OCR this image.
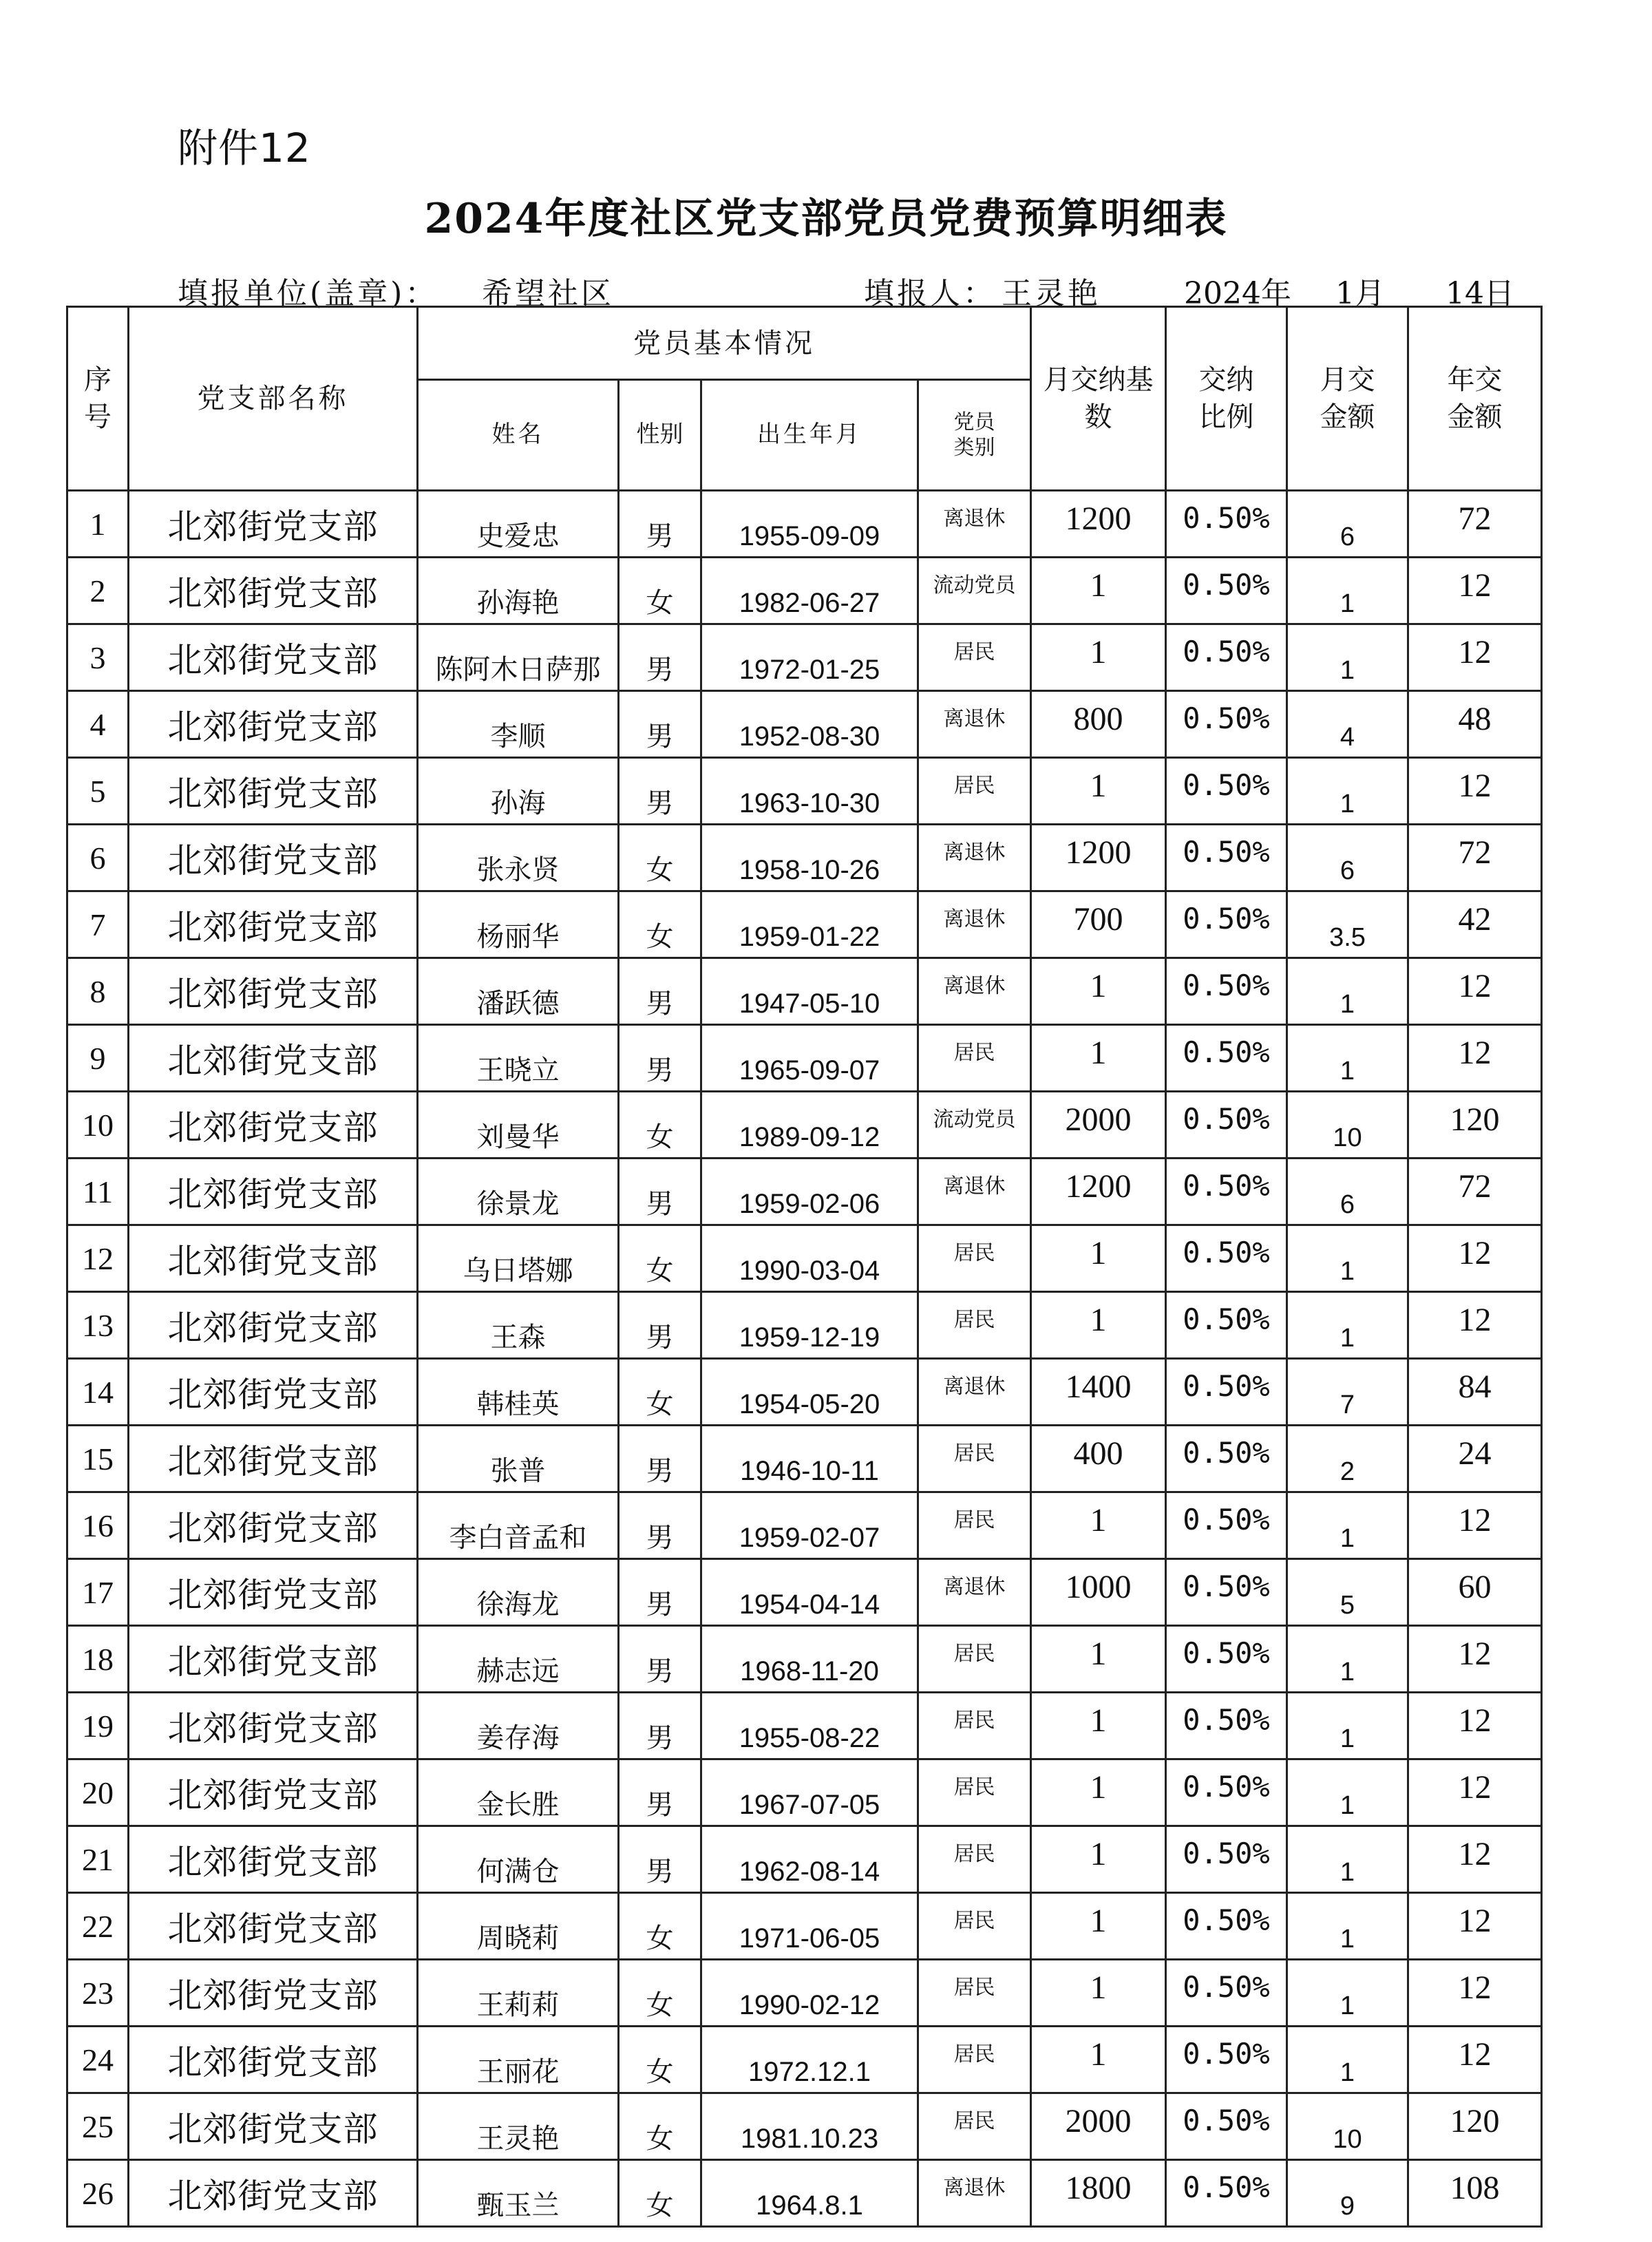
附件12
2024年度社区党支部党员党费预算明细表
填报单位(盖章)： 希望社区	填报人： 王灵艳	2024年 1月 14日
序号	党支部名称	党员基本情况				月交纳基数	交纳比例	月交金额	年交金额

		姓名	性别	出生年月	党员类别				

1	北郊街党支部	史爱忠	男	1955-09-09	离退休	1200	0.50%	6	72
2	北郊街党支部	孙海艳	女	1982-06-27	流动党员	1	0.50%	1	12
3	北郊街党支部	陈阿木日萨那	男	1972-01-25	居民	1	0.50%	1	12
4	北郊街党支部	李顺	男	1952-08-30	离退休	800	0.50%	4	48
5	北郊街党支部	孙海	男	1963-10-30	居民	1	0.50%	1	12
6	北郊街党支部	张永贤	女	1958-10-26	离退休	1200	0.50%	6	72
7	北郊街党支部	杨丽华	女	1959-01-22	离退休	700	0.50%	3.5	42
8	北郊街党支部	潘跃德	男	1947-05-10	离退休	1	0.50%	1	12
9	北郊街党支部	王晓立	男	1965-09-07	居民	1	0.50%	1	12
10	北郊街党支部	刘曼华	女	1989-09-12	流动党员	2000	0.50%	10	120
11	北郊街党支部	徐景龙	男	1959-02-06	离退休	1200	0.50%	6	72
12	北郊街党支部	乌日塔娜	女	1990-03-04	居民	1	0.50%	1	12
13	北郊街党支部	王森	男	1959-12-19	居民	1	0.50%	1	12
14	北郊街党支部	韩桂英	女	1954-05-20	离退休	1400	0.50%	7	84
15	北郊街党支部	张普	男	1946-10-11	居民	400	0.50%	2	24
16	北郊街党支部	李白音孟和	男	1959-02-07	居民	1	0.50%	1	12
17	北郊街党支部	徐海龙	男	1954-04-14	离退休	1000	0.50%	5	60
18	北郊街党支部	赫志远	男	1968-11-20	居民	1	0.50%	1	12
19	北郊街党支部	姜存海	男	1955-08-22	居民	1	0.50%	1	12
20	北郊街党支部	金长胜	男	1967-07-05	居民	1	0.50%	1	12
21	北郊街党支部	何满仓	男	1962-08-14	居民	1	0.50%	1	12
22	北郊街党支部	周晓莉	女	1971-06-05	居民	1	0.50%	1	12
23	北郊街党支部	王莉莉	女	1990-02-12	居民	1	0.50%	1	12
24	北郊街党支部	王丽花	女	1972.12.1	居民	1	0.50%	1	12
25	北郊街党支部	王灵艳	女	1981.10.23	居民	2000	0.50%	10	120
26	北郊街党支部	甄玉兰	女	1964.8.1	离退休	1800	0.50%	9	108
